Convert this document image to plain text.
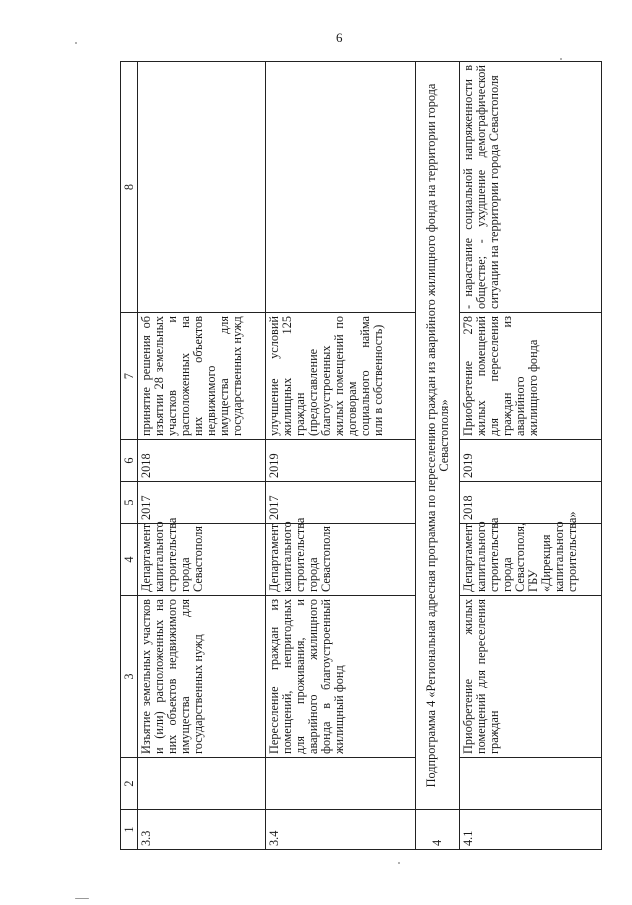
6
1	2	3	4	5	6	7	8
3.3		Изъятие земельных участков и (или) расположенных на них объектов недвижимого имущества для государственных нужд	Департамент капитального строительства города Севастополя	2017	2018	принятие решения об изъятии 28 земельных участков и расположенных на них объектов недвижимого имущества для государственных нужд	
3.4		Переселение граждан из помещений, непригодных для проживания, и аварийного жилищного фонда в благоустроенный жилищный фонд	Департамент капитального строительства города Севастополя	2017	2019	улучшение условий жилищных 125 граждан (предоставление благоустроенных жилых помещений по договорам социального найма или в собственность)	
4	Подпрограмма 4 «Региональная адресная программа по переселению граждан из аварийного жилищного фонда на территории города Севастополя»						
4.1		Приобретение жилых помещений для переселения граждан	Департамент капитального строительства города Севастополя, ГБУ «Дирекция капитального строительства»	2018	2019	Приобретение 278 жилых помещений для переселения граждан из аварийного жилищного фонда	- нарастание социальной напряженности в обществе; - ухудшение демографической ситуации на территории города Севастополя
